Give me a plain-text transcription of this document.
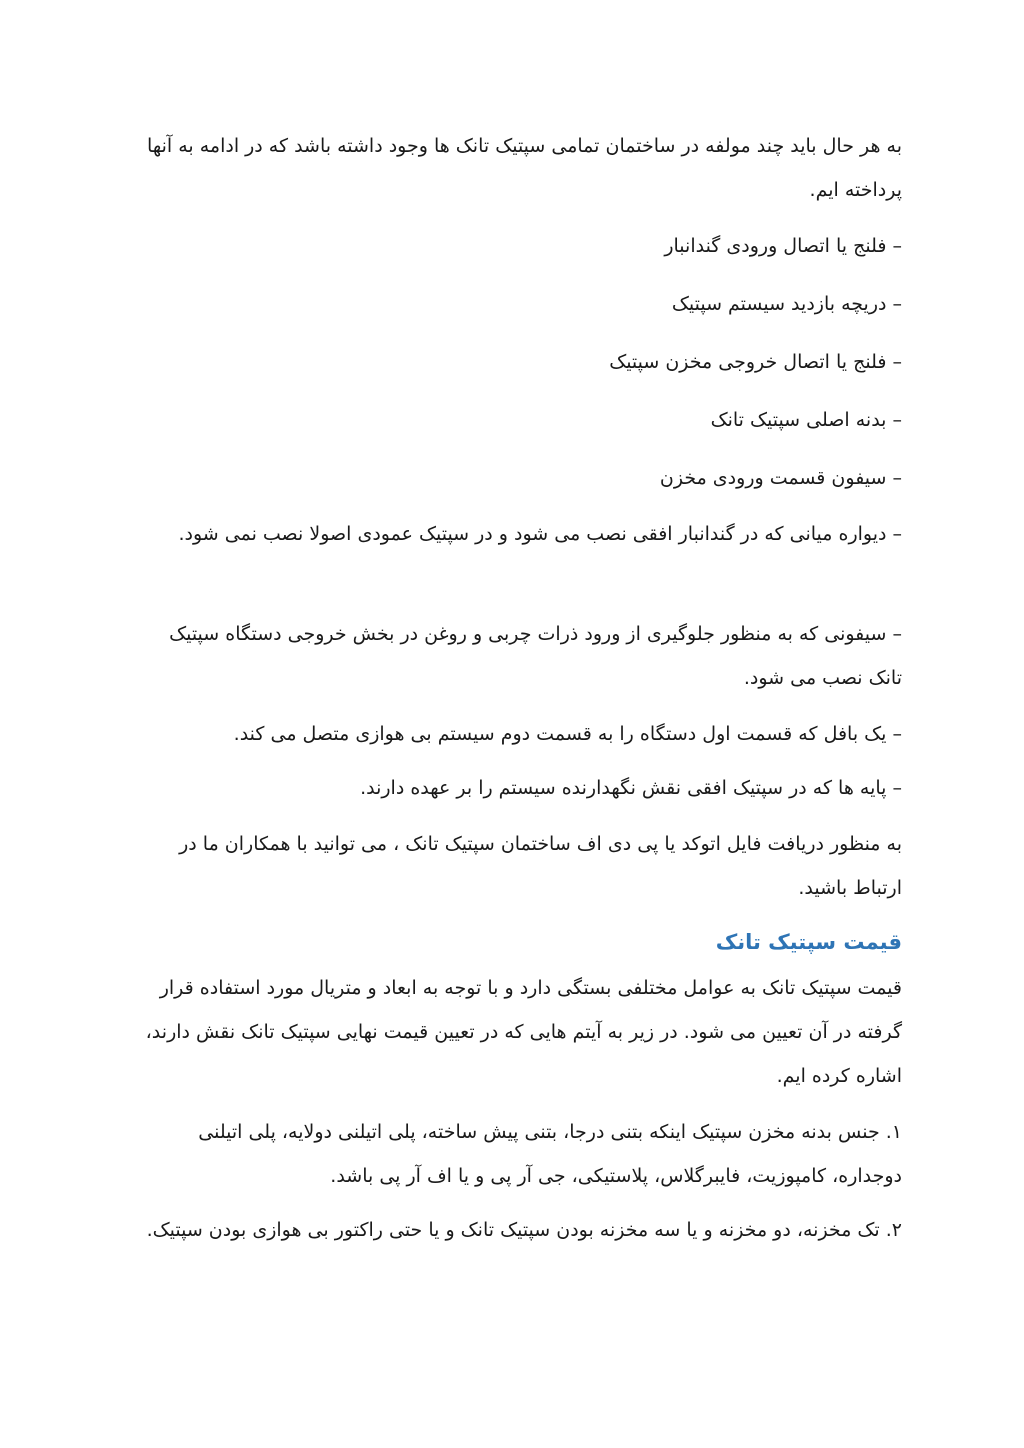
به هر حال باید چند مولفه در ساختمان تمامی سپتیک تانک ها وجود داشته باشد که در ادامه به آنها پرداخته ایم.

– فلنج یا اتصال ورودی گندانبار

– دریچه بازدید سیستم سپتیک

– فلنج یا اتصال خروجی مخزن سپتیک

– بدنه اصلی سپتیک تانک

– سیفون قسمت ورودی مخزن

– دیواره میانی که در گندانبار افقی نصب می شود و در سپتیک عمودی اصولا نصب نمی شود.

– سیفونی که به منظور جلوگیری از ورود ذرات چربی و روغن در بخش خروجی دستگاه سپتیک تانک نصب می شود.

– یک بافل که قسمت اول دستگاه را به قسمت دوم سیستم بی هوازی متصل می کند.

– پایه ها که در سپتیک افقی نقش نگهدارنده سیستم را بر عهده دارند.

به منظور دریافت فایل اتوکد یا پی دی اف ساختمان سپتیک تانک ، می توانید با همکاران ما در ارتباط باشید.

قیمت سپتیک تانک

قیمت سپتیک تانک به عوامل مختلفی بستگی دارد و با توجه به ابعاد و متریال مورد استفاده قرار گرفته در آن تعیین می شود. در زیر به آیتم هایی که در تعیین قیمت نهایی سپتیک تانک نقش دارند، اشاره کرده ایم.

۱. جنس بدنه مخزن سپتیک اینکه بتنی درجا، بتنی پیش ساخته، پلی اتیلنی دولایه، پلی اتیلنی دوجداره، کامپوزیت، فایبرگلاس، پلاستیکی، جی آر پی و یا اف آر پی باشد.

۲. تک مخزنه، دو مخزنه و یا سه مخزنه بودن سپتیک تانک و یا حتی راکتور بی هوازی بودن سپتیک.
